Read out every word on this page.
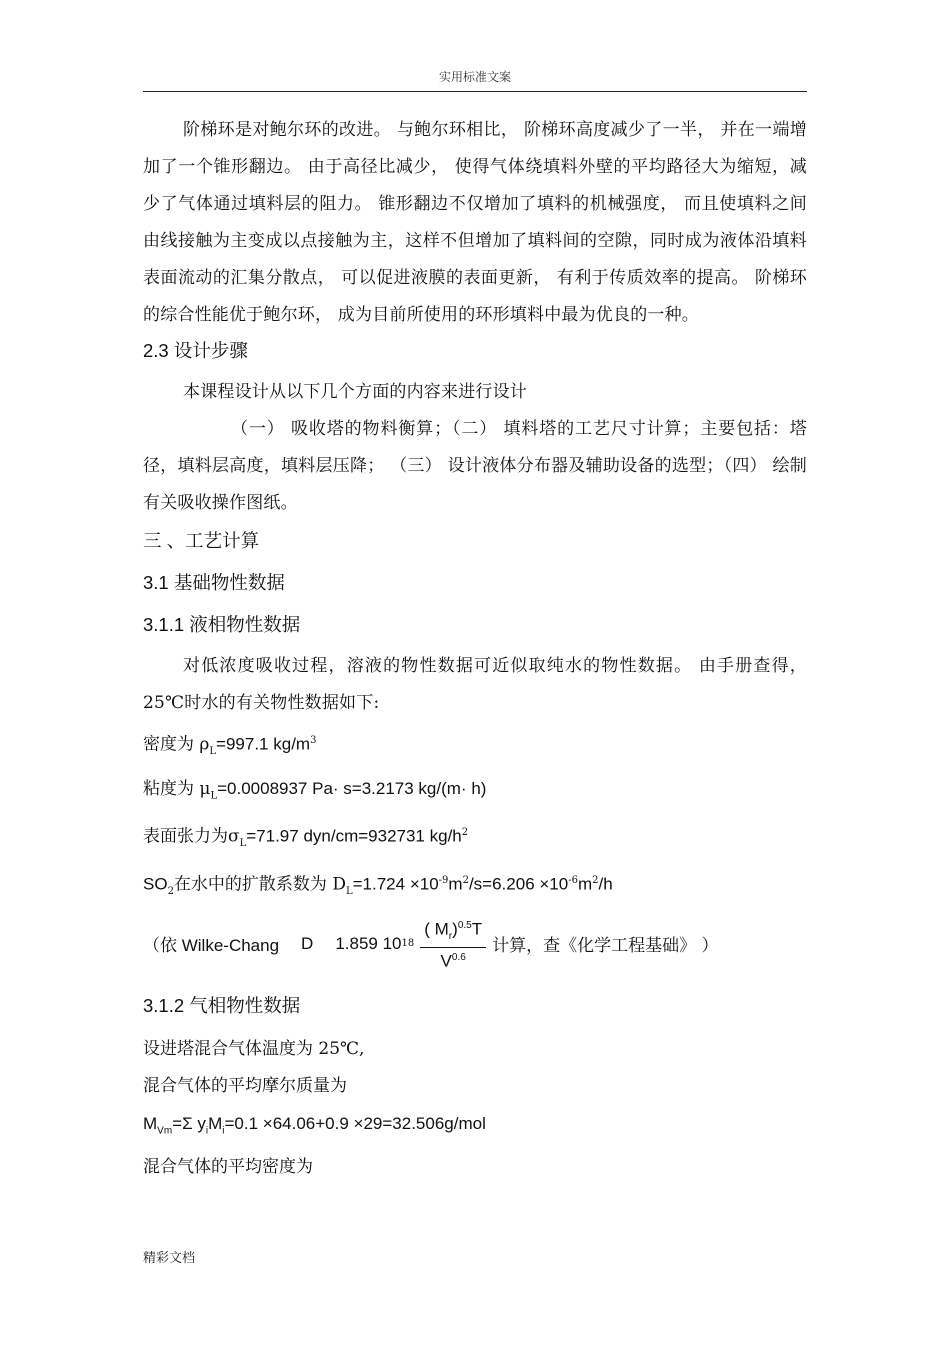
实用标准文案

阶梯环是对鲍尔环的改进。 与鲍尔环相比， 阶梯环高度减少了一半， 并在一端增加了一个锥形翻边。 由于高径比减少， 使得气体绕填料外壁的平均路径大为缩短，减少了气体通过填料层的阻力。 锥形翻边不仅增加了填料的机械强度， 而且使填料之间由线接触为主变成以点接触为主，这样不但增加了填料间的空隙，同时成为液体沿填料表面流动的汇集分散点， 可以促进液膜的表面更新， 有利于传质效率的提高。 阶梯环的综合性能优于鲍尔环， 成为目前所使用的环形填料中最为优良的一种。

2.3 设计步骤

本课程设计从以下几个方面的内容来进行设计

（一） 吸收塔的物料衡算；（二） 填料塔的工艺尺寸计算；主要包括：塔径，填料层高度，填料层压降； （三） 设计液体分布器及辅助设备的选型；（四） 绘制有关吸收操作图纸。

三 、工艺计算

3.1 基础物性数据

3.1.1 液相物性数据

对低浓度吸收过程，溶液的物性数据可近似取纯水的物性数据。 由手册查得，25℃时水的有关物性数据如下:

密度为 $\rho_L=997.1$ $kg/m^3$

粘度为 $\mu_L=0.0008937$ Pa· s=3.2173 kg/(m· h)

表面张力为$\sigma_L=71.97$ dyn/cm=932731 $kg/h^2$

$SO_2$在水中的扩散系数为 $D_L=1.724 \times 10^{-9}m^2/s=6.206 \times 10^{-6}m^2/h$

（依 Wilke-Chang D 1.859 10 $18 \frac{( M_r)^{0.5}T}{V^{0.6}}$ 计算，查《化学工程基础》 ）

3.1.2 气相物性数据

设进塔混合气体温度为 25℃,

混合气体的平均摩尔质量为

$M_{Vm}=\Sigma$ $y_iM_i=0.1 \times 64.06+0.9 \times 29=32.506g/mol$

混合气体的平均密度为

精彩文档
